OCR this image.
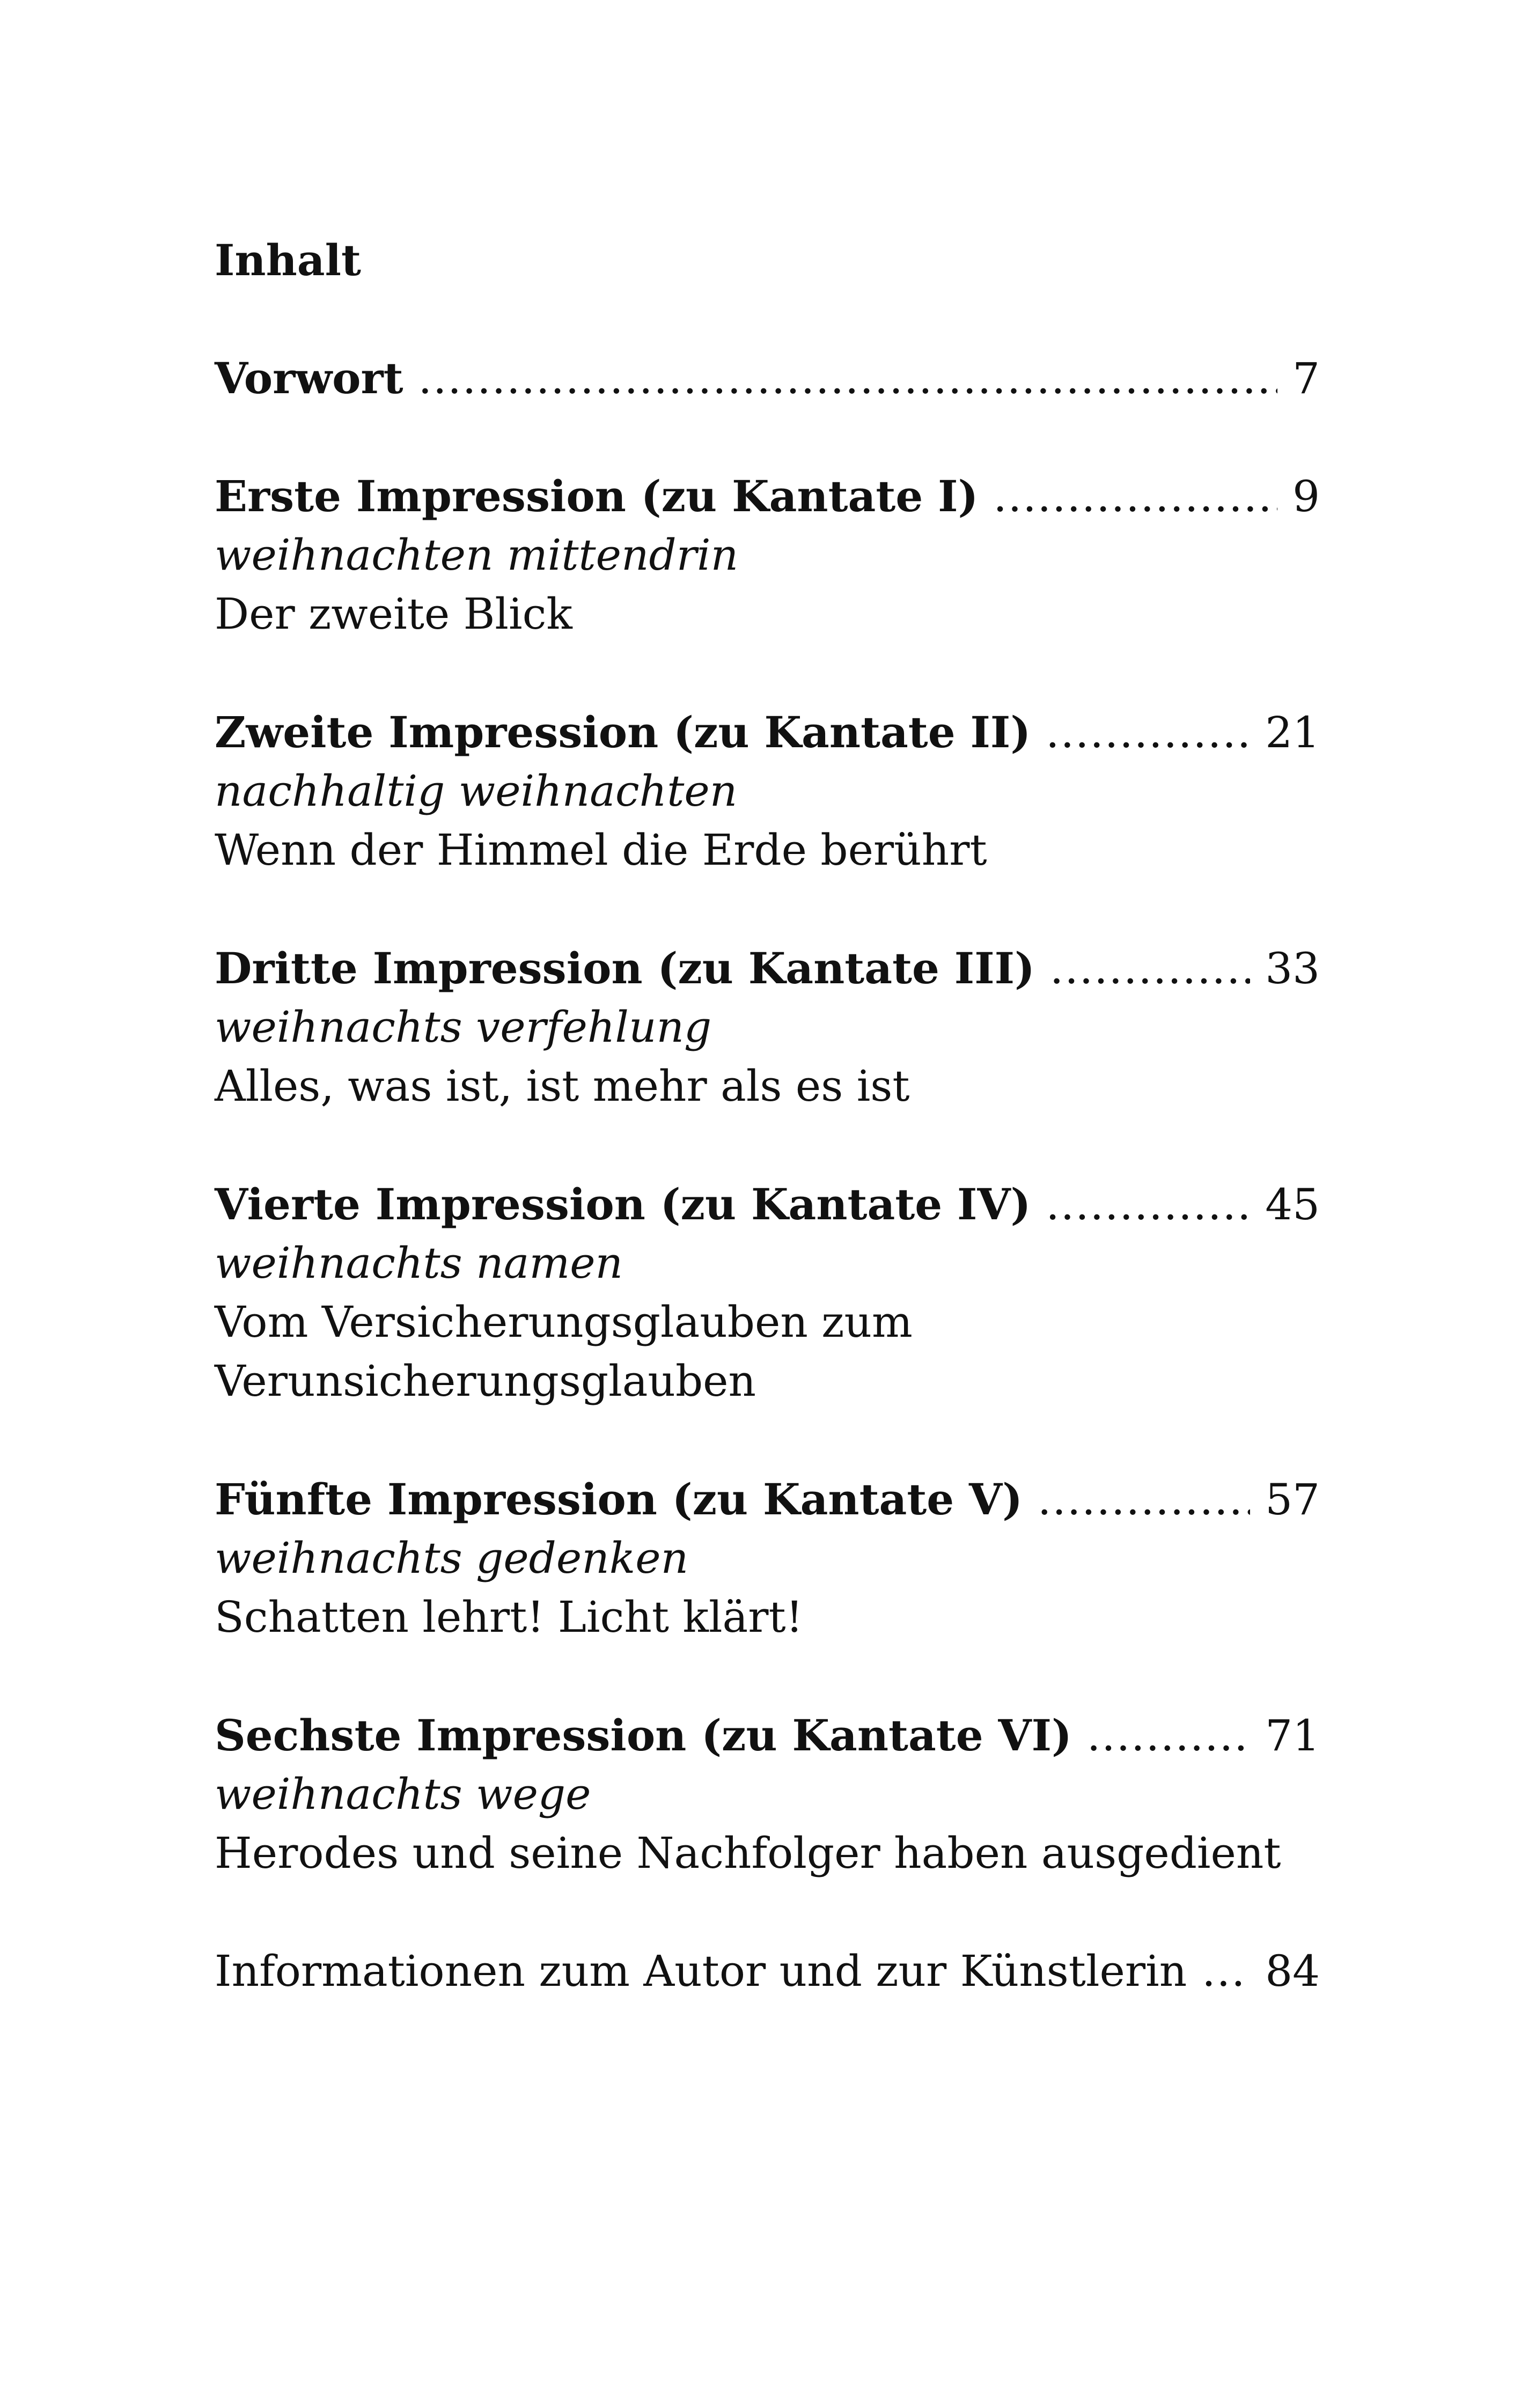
Inhalt
Vorwort .....	7
Erste Impression (zu Kantate I) .....	9
weihnachten mittendrin
Der zweite Blick
Zweite Impression (zu Kantate II) .....	21
nachhaltig weihnachten
Wenn der Himmel die Erde berührt
Dritte Impression (zu Kantate III) .....	33
weihnachts verfehlung
Alles, was ist, ist mehr als es ist
Vierte Impression (zu Kantate IV) .....	45
weihnachts namen
Vom Versicherungsglauben zum
Verunsicherungsglauben
Fünfte Impression (zu Kantate V) .....	57
weihnachts gedenken
Schatten lehrt! Licht klärt!
Sechste Impression (zu Kantate VI) .....	71
weihnachts wege
Herodes und seine Nachfolger haben ausgedient
Informationen zum Autor und zur Künstlerin ..... 84
